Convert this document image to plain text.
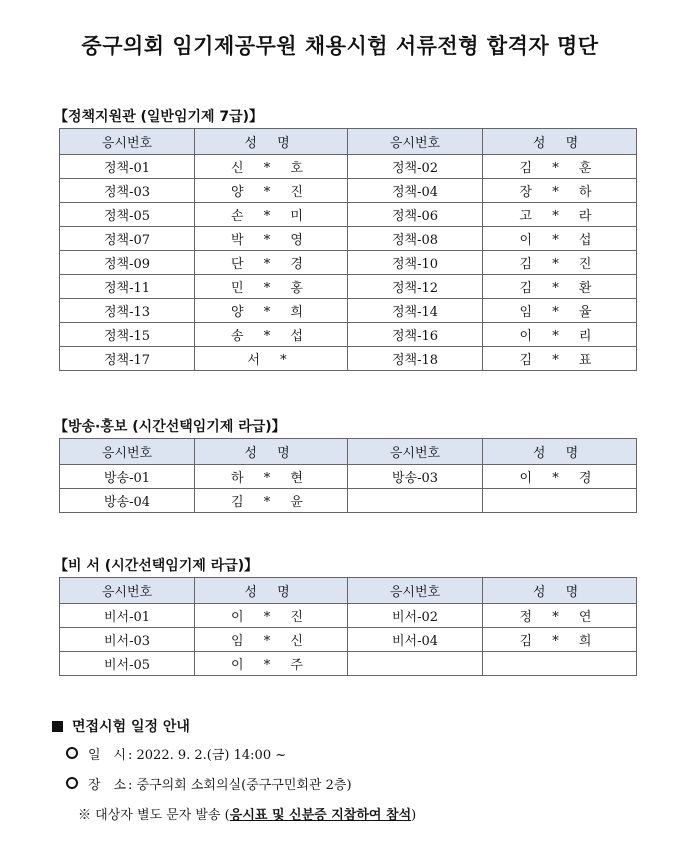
중구의회 임기제공무원 채용시험 서류전형 합격자 명단
【정책지원관 (일반임기제 7급)】
응시번호	성 명	응시번호	성 명
정책-01	신 * 호	정책-02	김 * 훈
정책-03	양 * 진	정책-04	장 * 하
정책-05	손 * 미	정책-06	고 * 라
정책-07	박 * 영	정책-08	이 * 섭
정책-09	단 * 경	정책-10	김 * 진
정책-11	민 * 홍	정책-12	김 * 환
정책-13	양 * 희	정책-14	임 * 율
정책-15	송 * 섭	정책-16	이 * 리
정책-17	서 *	정책-18	김 * 표
【방송·홍보 (시간선택임기제 라급)】
응시번호	성 명	응시번호	성 명
방송-01	하 * 현	방송-03	이 * 경
방송-04	김 * 윤		
【비 서 (시간선택임기제 라급)】
응시번호	성 명	응시번호	성 명
비서-01	이 * 진	비서-02	정 * 연
비서-03	임 * 신	비서-04	김 * 희
비서-05	이 * 주		
면접시험 일정 안내
일시: 2022. 9. 2.(금) 14:00 ~
장소: 중구의회 소회의실(중구구민회관 2층)
※ 대상자 별도 문자 발송 (응시표 및 신분증 지참하여 참석)
